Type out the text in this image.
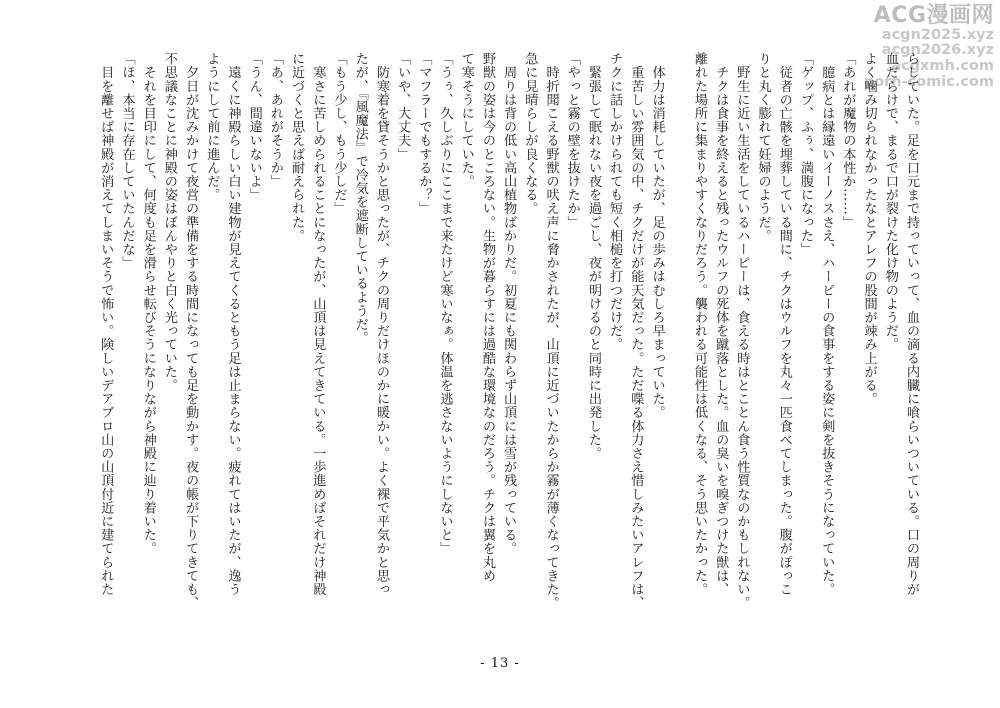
ACG漫画网
acgn2025.xyz
acgn2026.xyz
acgxmh.com
porn-comic.com
らしていた。足を口元まで持っていって、血の滴る内臓に喰らいついている。口の周りが
血だらけで、まるで口が裂けた化け物のようだ。
よく噛み切られなかったなとアレフの股間が竦み上がる。
「あれが魔物の本性か……」
　臆病とは縁遠いイーノスさえ、ハーピーの食事をする姿に剣を抜きそうになっていた。
「ゲップ、ふぅ、満腹になった」
　従者の亡骸を埋葬している間に、チクはウルフを丸々一匹食べてしまった。腹がぽっこ
りと丸く膨れて妊婦のようだ。
　野生に近い生活をしているハーピーは、食える時はとことん食う性質なのかもしれない。
　チクは食事を終えると残ったウルフの死体を蹴落とした。血の臭いを嗅ぎつけた獣は、
離れた場所に集まりやすくなりだろう。襲われる可能性は低くなる、そう思いたかった。

　体力は消耗していたが、足の歩みはむしろ早まっていた。
　重苦しい雰囲気の中、チクだけが能天気だった。ただ喋る体力さえ惜しみたいアレフは、
チクに話しかけられても短く相槌を打つだけだ。
　緊張して眠れない夜を過ごし、夜が明けるのと同時に出発した。
「やっと霧の壁を抜けたか」
　時折聞こえる野獣の吠え声に脅かされたが、山頂に近づいたからか霧が薄くなってきた。
急に見晴らしが良くなる。
　周りは背の低い高山植物ばかりだ。初夏にも関わらず山頂には雪が残っている。
野獣の姿は今のところない。生物が暮らすには過酷な環境なのだろう。チクは翼を丸め
て寒そうにしていた。
「うぅ、久しぶりにここまで来たけど寒いなぁ。体温を逃さないようにしないと」
「マフラーでもするか？」
「いや、大丈夫」
　防寒着を貸そうかと思ったが、チクの周りだけほのかに暖かい。よく裸で平気かと思っ
たが、『風魔法』で冷気を遮断しているようだ。
「もう少し、もう少しだ」
　寒さに苦しめられることになったが、山頂は見えてきている。一歩進めばそれだけ神殿
に近づくと思えば耐えられた。
「あ、あれがそうか」
「うん、間違いないよ」
　遠くに神殿らしい白い建物が見えてくるともう足は止まらない。疲れてはいたが、逸う
ようにして前に進んだ。
　夕日が沈みかけて夜営の準備をする時間になっても足を動かす。夜の帳が下りてきても、
不思議なことに神殿の姿はぼんやりと白く光っていた。
　それを目印にして、何度も足を滑らせ転びそうになりながら神殿に辿り着いた。
「ほ、本当に存在していたんだな」
　目を離せば神殿が消えてしまいそうで怖い。険しいデアブロ山の山頂付近に建てられた
- 13 -
